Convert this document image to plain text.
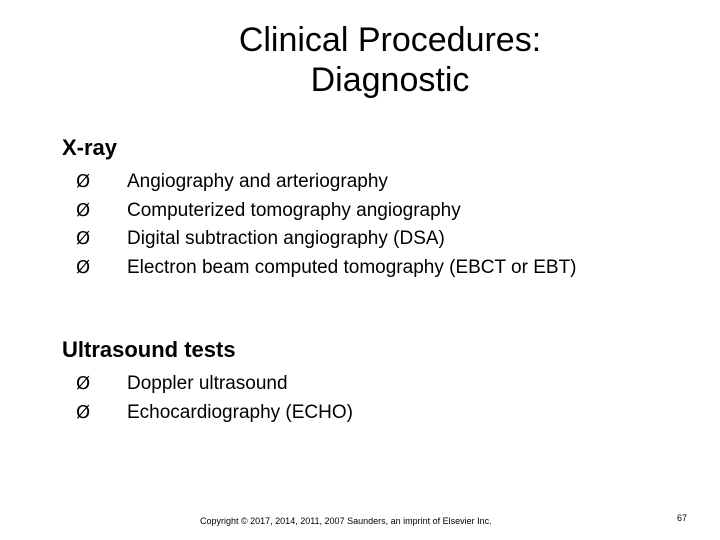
Clinical Procedures:
Diagnostic
X-ray
Ø Angiography and arteriography
Ø Computerized tomography angiography
Ø Digital subtraction angiography (DSA)
Ø Electron beam computed tomography (EBCT or EBT)
Ultrasound tests
Ø Doppler ultrasound
Ø Echocardiography (ECHO)
Copyright © 2017, 2014, 2011, 2007 Saunders, an imprint of Elsevier Inc.	67
